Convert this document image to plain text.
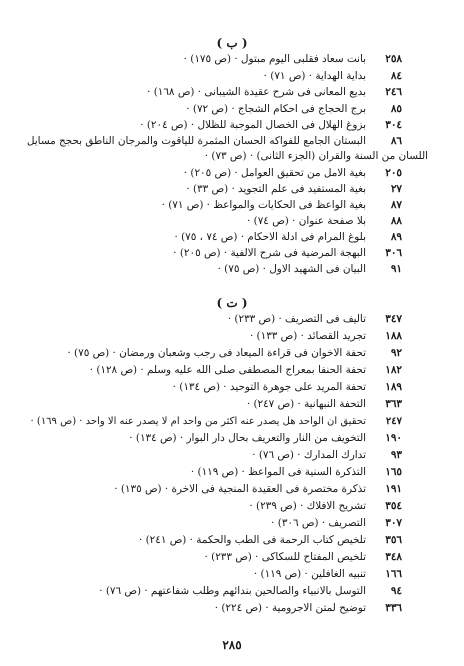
( ب )
٢٥٨بانت سعاد فقلبى اليوم مبتول · (ص ١٧٥) ·
٨٤بداية الهداية · (ص ٧١) ·
٢٤٦بديع المعانى فى شرح عقيدة الشيبانى · (ص ١٦٨) ·
٨٥برج الحجاج فى احكام الشجاج · (ص ٧٢) ·
٣٠٤بزوغ الهلال فى الخصال الموجبة للظلال · (ص ٢٠٤) ·
٨٦البستان الجامع للفواكه الحسان المثمرة للياقوت والمرجان الناطق بحجج مسايل
اللسان من السنة والقران (الجزء الثانى) · (ص ٧٣) ·
٢٠٥بغية الامل من تحقيق العوامل · (ص ٢٠٥) ·
٢٧بغية المستفيد فى علم التجويد · (ص ٣٣) ·
٨٧بغية الواعظ فى الحكايات والمواعظ · (ص ٧١) ·
٨٨بلا صفحة عنوان · (ص ٧٤) ·
٨٩بلوغ المرام فى ادلة الاحكام · (ص ٧٤ ، ٧٥) ·
٣٠٦البهجة المرضية فى شرح الالفية · (ص ٢٠٥) ·
٩١البيان فى الشهيد الاول · (ص ٧٥) ·
( ت )
٣٤٧تاليف فى التصريف · (ص ٢٣٣) ·
١٨٨تجريد القصائد · (ص ١٣٣) ·
٩٢تحفة الاخوان فى قراءة الميعاد فى رجب وشعبان ورمضان · (ص ٧٥) ·
١٨٢تحفة الحنفا بمعراج المصطفى صلى الله عليه وسلم · (ص ١٢٨) ·
١٨٩تحفة المريد على جوهرة التوحيد · (ص ١٣٤) ·
٣٦٣التحفة النبهانية · (ص ٢٤٧) ·
٢٤٧تحقيق ان الواحد هل يصدر عنه اكثر من واحد ام لا يصدر عنه الا واحد · (ص ١٦٩) ·
١٩٠التخويف من النار والتعريف بحال دار البوار · (ص ١٣٤) ·
٩٣تدارك المدارك · (ص ٧٦) ·
١٦٥التذكرة السنية فى المواعظ · (ص ١١٩) ·
١٩١تذكرة مختصرة فى العقيدة المنجية فى الاخرة · (ص ١٣٥) ·
٣٥٤تشريح الافلاك · (ص ٢٣٩) ·
٣٠٧التصريف · (ص ٣٠٦) ·
٣٥٦تلخيص كتاب الرحمة فى الطب والحكمة · (ص ٢٤١) ·
٣٤٨تلخيص المفتاح للسكاكى · (ص ٢٣٣) ·
١٦٦تنبيه الغافلين · (ص ١١٩) ·
٩٤التوسل بالانبياء والصالحين بندائهم وطلب شفاعتهم · (ص ٧٦) ·
٣٣٦توضيح لمتن الاجرومية · (ص ٢٢٤) ·
٢٨٥
